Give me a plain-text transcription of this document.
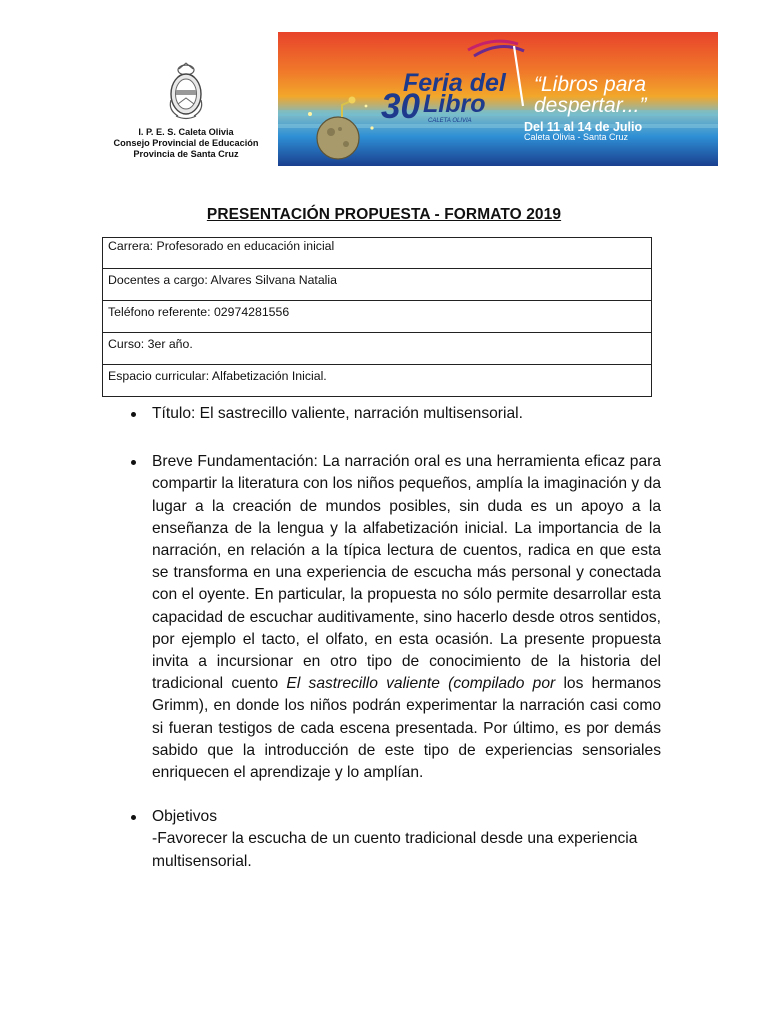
I. P. E. S. Caleta Olivia
Consejo Provincial de Educación
Provincia de Santa Cruz
Feria del
30 Libro
CALETA OLIVIA
“Libros para
despertar...”
Del 11 al 14 de Julio
Caleta Olivia - Santa Cruz
PRESENTACIÓN PROPUESTA - FORMATO 2019
Carrera: Profesorado en educación inicial
Docentes a cargo: Alvares Silvana Natalia
Teléfono referente: 02974281556
Curso: 3er año.
Espacio curricular: Alfabetización Inicial.
Título: El sastrecillo valiente, narración multisensorial.
Breve Fundamentación: La narración oral es una herramienta eficaz para compartir la literatura con los niños pequeños, amplía la imaginación y da lugar a la creación de mundos posibles, sin duda es un apoyo a la enseñanza de la lengua y la alfabetización inicial. La importancia de la narración, en relación a la típica lectura de cuentos, radica en que esta se transforma en una experiencia de escucha más personal y conectada con el oyente. En particular, la propuesta no sólo permite desarrollar esta capacidad de escuchar auditivamente, sino hacerlo desde otros sentidos, por ejemplo el tacto, el olfato, en esta ocasión. La presente propuesta invita a incursionar en otro tipo de conocimiento de la historia del tradicional cuento El sastrecillo valiente (compilado por los hermanos Grimm), en donde los niños podrán experimentar la narración casi como si fueran testigos de cada escena presentada. Por último, es por demás sabido que la introducción de este tipo de experiencias sensoriales enriquecen el aprendizaje y lo amplían.
Objetivos
-Favorecer la escucha de un cuento tradicional desde una experiencia multisensorial.
